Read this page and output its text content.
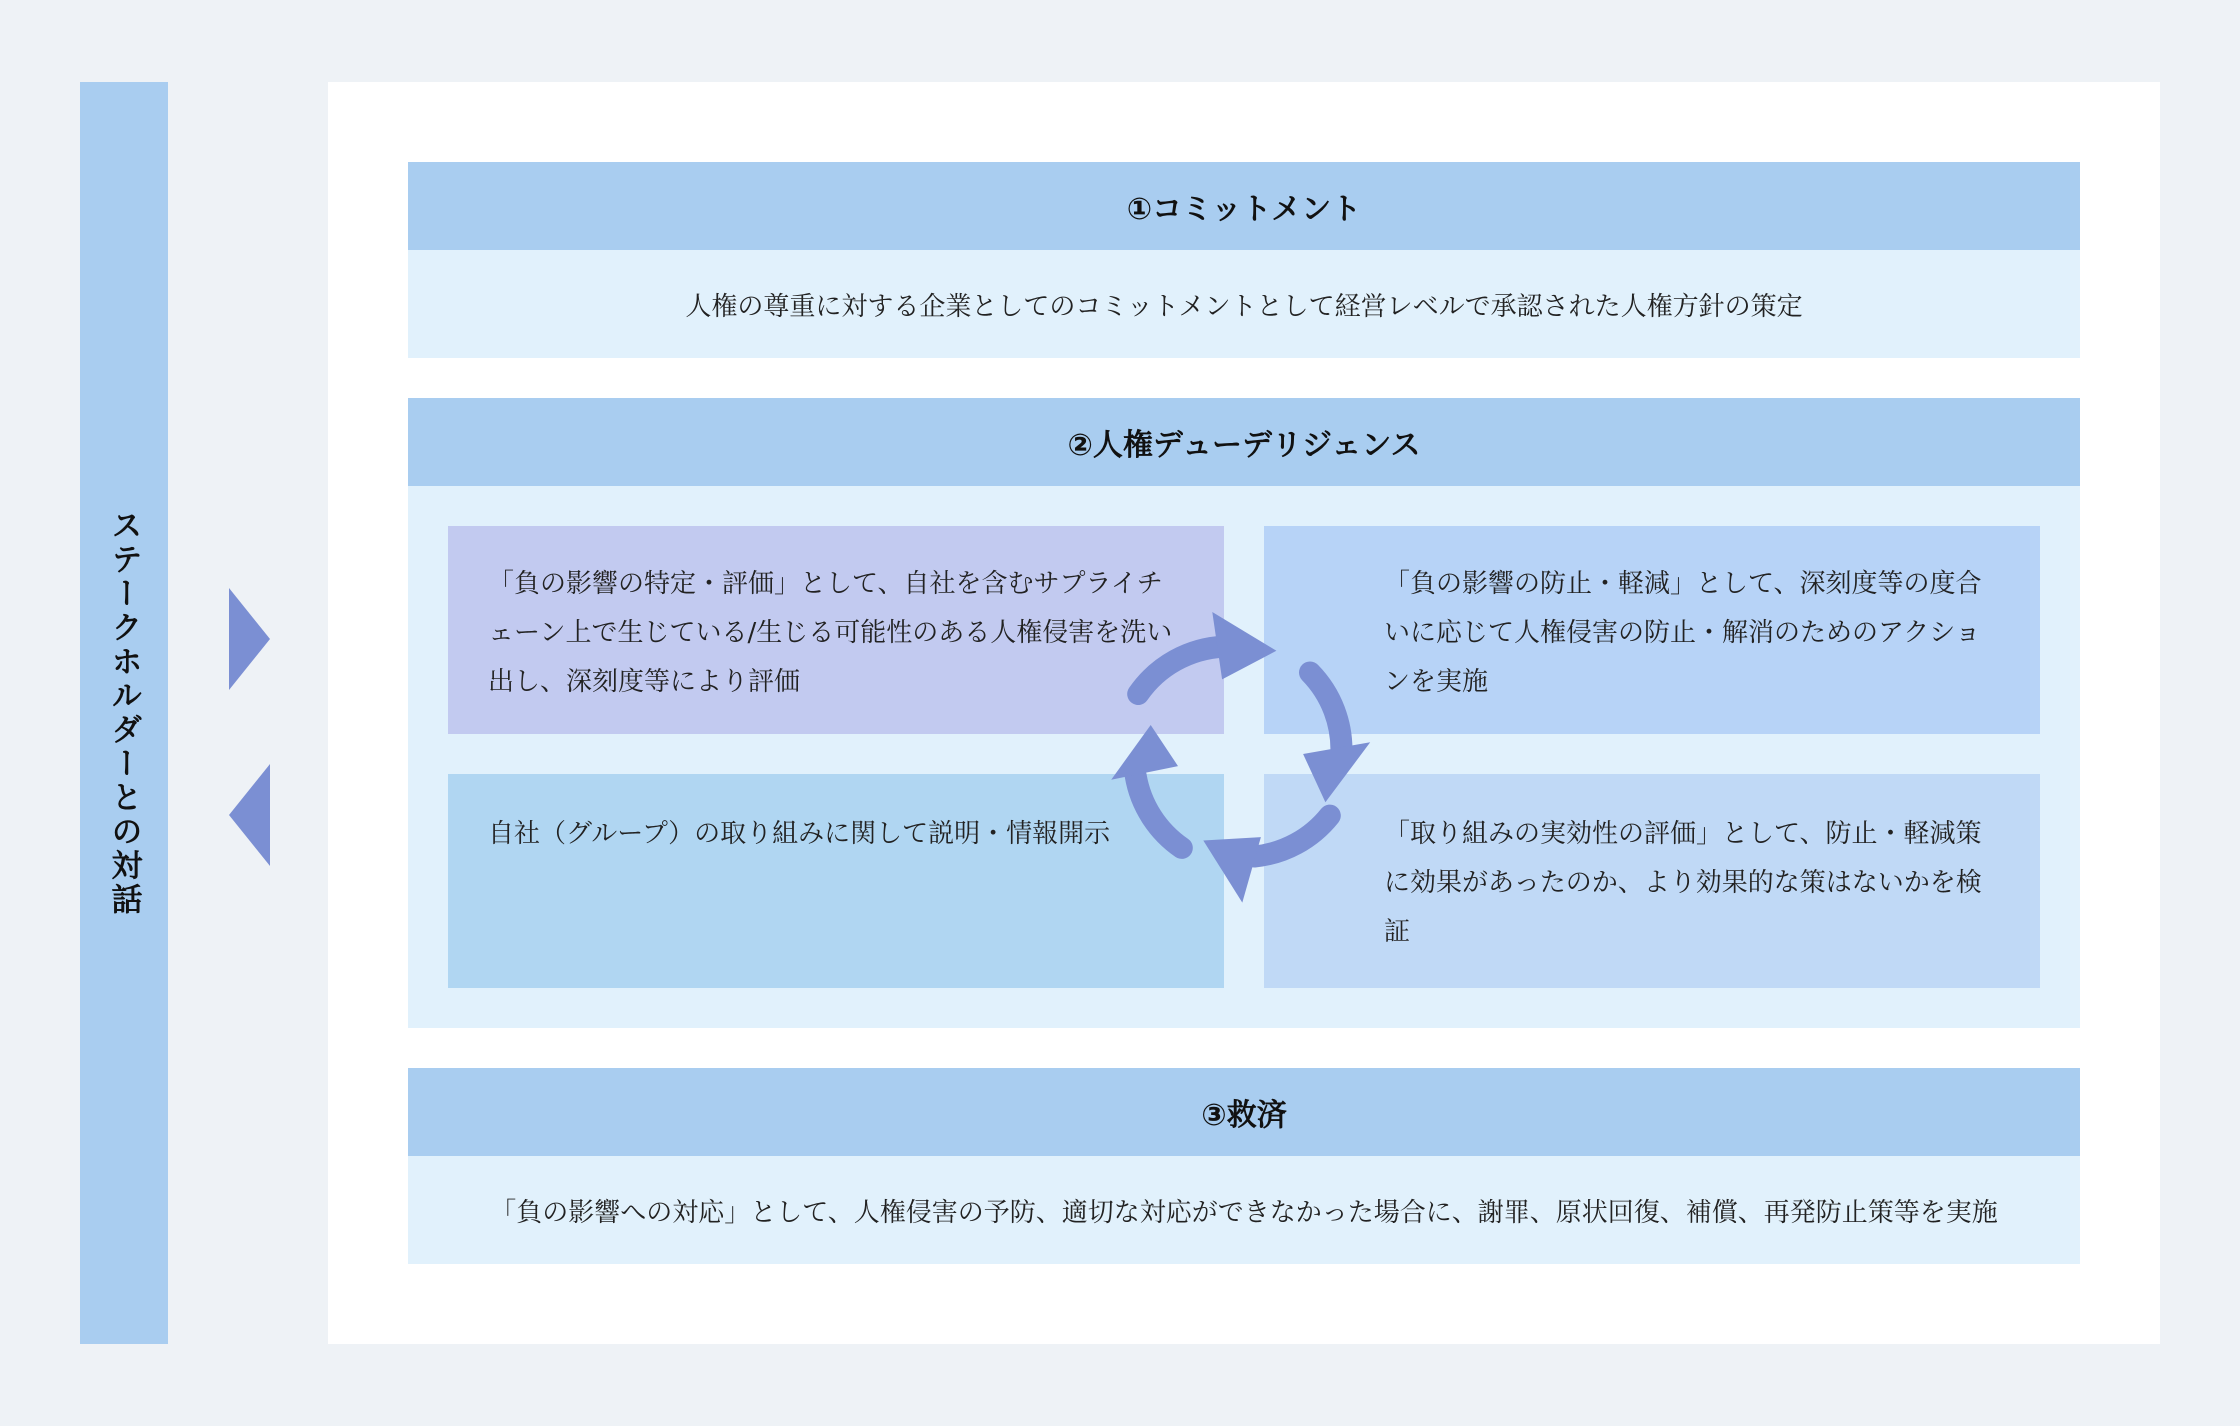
ステークホルダーとの対話
①コミットメント
人権の尊重に対する企業としてのコミットメントとして経営レベルで承認された人権方針の策定
②人権デューデリジェンス
「負の影響の特定・評価」として、自社を含むサプライチェーン上で生じている/生じる可能性のある人権侵害を洗い出し、深刻度等により評価
「負の影響の防止・軽減」として、深刻度等の度合いに応じて人権侵害の防止・解消のためのアクションを実施
自社（グループ）の取り組みに関して説明・情報開示	「取り組みの実効性の評価」として、防止・軽減策に効果があったのか、より効果的な策はないかを検証
③救済
「負の影響への対応」として、人権侵害の予防、適切な対応ができなかった場合に、謝罪、原状回復、補償、再発防止策等を実施
